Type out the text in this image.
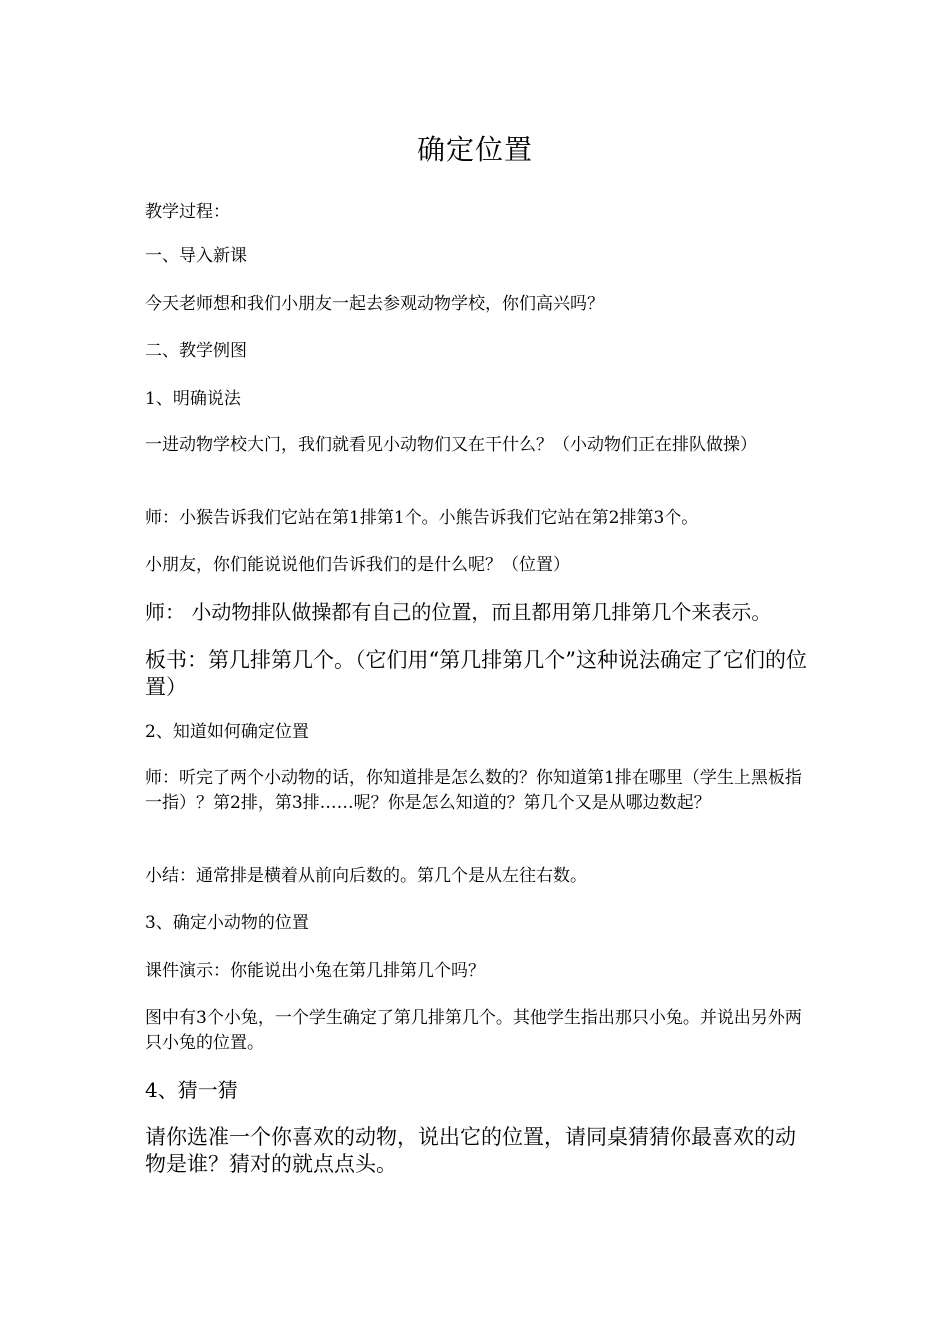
确定位置
教学过程：
一、导入新课
今天老师想和我们小朋友一起去参观动物学校，你们高兴吗？
二、教学例图
1、明确说法
一进动物学校大门，我们就看见小动物们又在干什么？（小动物们正在排队做操）
师：小猴告诉我们它站在第1排第1个。小熊告诉我们它站在第2排第3个。
小朋友，你们能说说他们告诉我们的是什么呢？（位置）
师： 小动物排队做操都有自己的位置，而且都用第几排第几个来表示。
板书：第几排第几个。（它们用“第几排第几个”这种说法确定了它们的位置）
2、知道如何确定位置
师：听完了两个小动物的话，你知道排是怎么数的？你知道第1排在哪里（学生上黑板指一指）？第2排，第3排……呢？你是怎么知道的？第几个又是从哪边数起？
小结：通常排是横着从前向后数的。第几个是从左往右数。
3、确定小动物的位置
课件演示：你能说出小兔在第几排第几个吗？
图中有3个小兔，一个学生确定了第几排第几个。其他学生指出那只小兔。并说出另外两只小兔的位置。
4、猜一猜
请你选准一个你喜欢的动物，说出它的位置，请同桌猜猜你最喜欢的动物是谁？猜对的就点点头。
